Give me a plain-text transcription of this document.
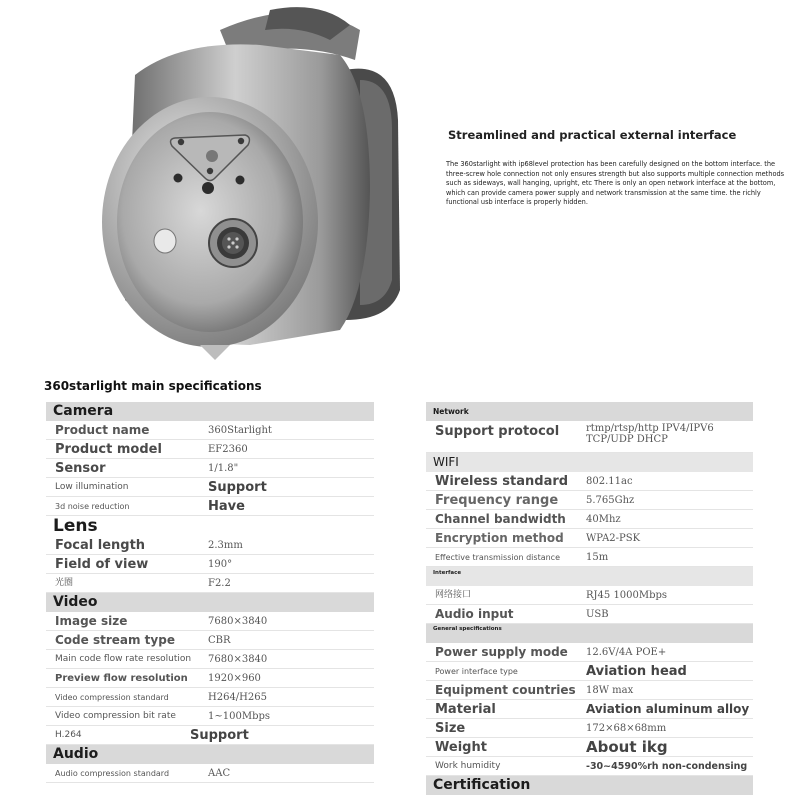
Streamlined and practical external interface

The 360starlight with ip68level protection has been carefully designed on the bottom interface. the three-screw hole connection not only ensures strength but also supports multiple connection methods such as sideways, wall hanging, upright, etc There is only an open network interface at the bottom, which can provide camera power supply and network transmission at the same time. the richly functional usb interface is properly hidden.

360starlight main specifications
Camera
Product name	360Starlight
Product model	EF2360
Sensor	1/1.8"
Low illumination	Support
3d noise reduction	Have
Lens
Focal length	2.3mm
Field of view	190°
光圈	F2.2
Video
Image size	7680×3840
Code stream type	CBR
Main code flow rate resolution 7680×3840
Preview flow resolution 1920×960
Video compression standard	H264/H265
Video compression bit rate	1~100Mbps
H.264	Support
Audio
Audio compression standard	AAC
Network
Support protocol	rtmp/rtsp/http IPV4/IPV6 TCP/UDP DHCP
WIFI
Wireless standard 802.11ac
Frequency range	5.765Ghz
Channel bandwidth 40Mhz
Encryption method WPA2-PSK
Effective transmission distance	15m
Interface
网络接口	RJ45 1000Mbps
Audio input	USB
General specifications
Power supply mode 12.6V/4A POE+
Power interface type	Aviation head
Equipment countries 18W max
Material	Aviation aluminum alloy
Size	172×68×68mm
Weight	About ikg
Work humidity	-30~4590%rh non-condensing
Certification
